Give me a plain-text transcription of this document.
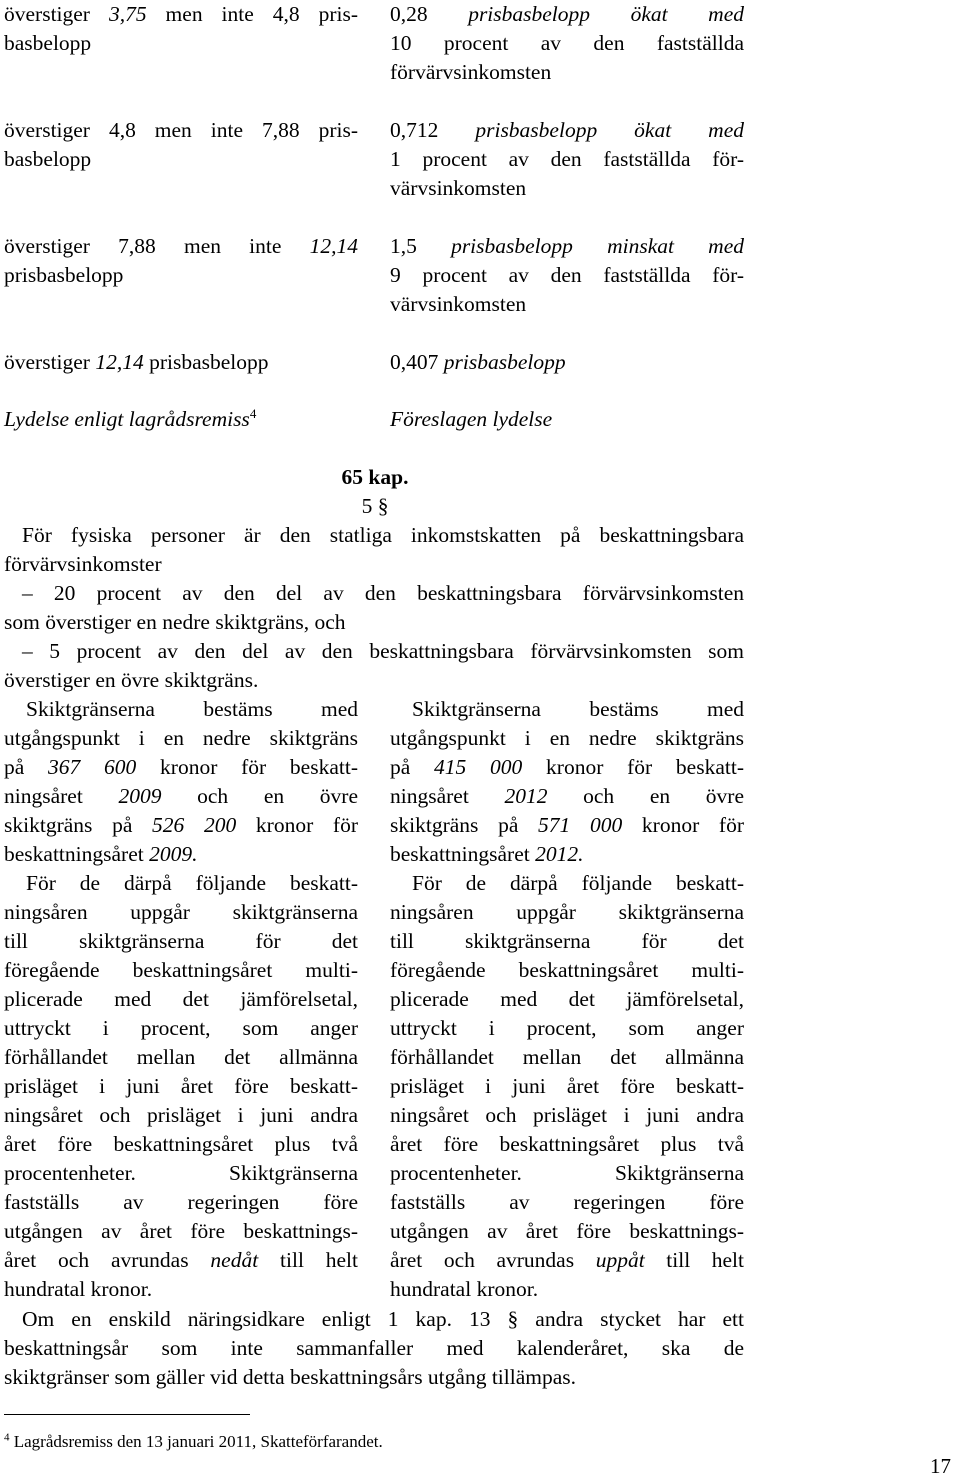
överstiger 3,75 men inte 4,8 pris-
basbelopp
0,28 prisbasbelopp ökat med
10 procent av den fastställda
förvärvsinkomsten
överstiger 4,8 men inte 7,88 pris-
basbelopp
0,712 prisbasbelopp ökat med
1 procent av den fastställda för-
värvsinkomsten
överstiger 7,88 men inte 12,14
prisbasbelopp
1,5 prisbasbelopp minskat med
9 procent av den fastställda för-
värvsinkomsten
överstiger 12,14 prisbasbelopp	0,407 prisbasbelopp
Lydelse enligt lagrådsremiss$^4$	Föreslagen lydelse
65 kap.
5 §
För fysiska personer är den statliga inkomstskatten på beskattningsbara
förvärvsinkomster
– 20 procent av den del av den beskattningsbara förvärvsinkomsten
som överstiger en nedre skiktgräns, och
– 5 procent av den del av den beskattningsbara förvärvsinkomsten som
överstiger en övre skiktgräns.
Skiktgränserna bestäms med
utgångspunkt i en nedre skiktgräns
på 367 600 kronor för beskatt-
ningsåret 2009 och en övre
skiktgräns på 526 200 kronor för
beskattningsåret 2009.
För de därpå följande beskatt-
ningsåren uppgår skiktgränserna
till skiktgränserna för det
föregående beskattningsåret multi-
plicerade med det jämförelsetal,
uttryckt i procent, som anger
förhållandet mellan det allmänna
prisläget i juni året före beskatt-
ningsåret och prisläget i juni andra
året före beskattningsåret plus två
procentenheter. Skiktgränserna
fastställs av regeringen före
utgången av året före beskattnings-
året och avrundas nedåt till helt
hundratal kronor.
Skiktgränserna bestäms med
utgångspunkt i en nedre skiktgräns
på 415 000 kronor för beskatt-
ningsåret 2012 och en övre
skiktgräns på 571 000 kronor för
beskattningsåret 2012.
För de därpå följande beskatt-
ningsåren uppgår skiktgränserna
till skiktgränserna för det
föregående beskattningsåret multi-
plicerade med det jämförelsetal,
uttryckt i procent, som anger
förhållandet mellan det allmänna
prisläget i juni året före beskatt-
ningsåret och prisläget i juni andra
året före beskattningsåret plus två
procentenheter. Skiktgränserna
fastställs av regeringen före
utgången av året före beskattnings-
året och avrundas uppåt till helt
hundratal kronor.
Om en enskild näringsidkare enligt 1 kap. 13 § andra stycket har ett
beskattningsår som inte sammanfaller med kalenderåret, ska de
skiktgränser som gäller vid detta beskattningsårs utgång tillämpas.
$^4$ Lagrådsremiss den 13 januari 2011, Skatteförfarandet.
17
